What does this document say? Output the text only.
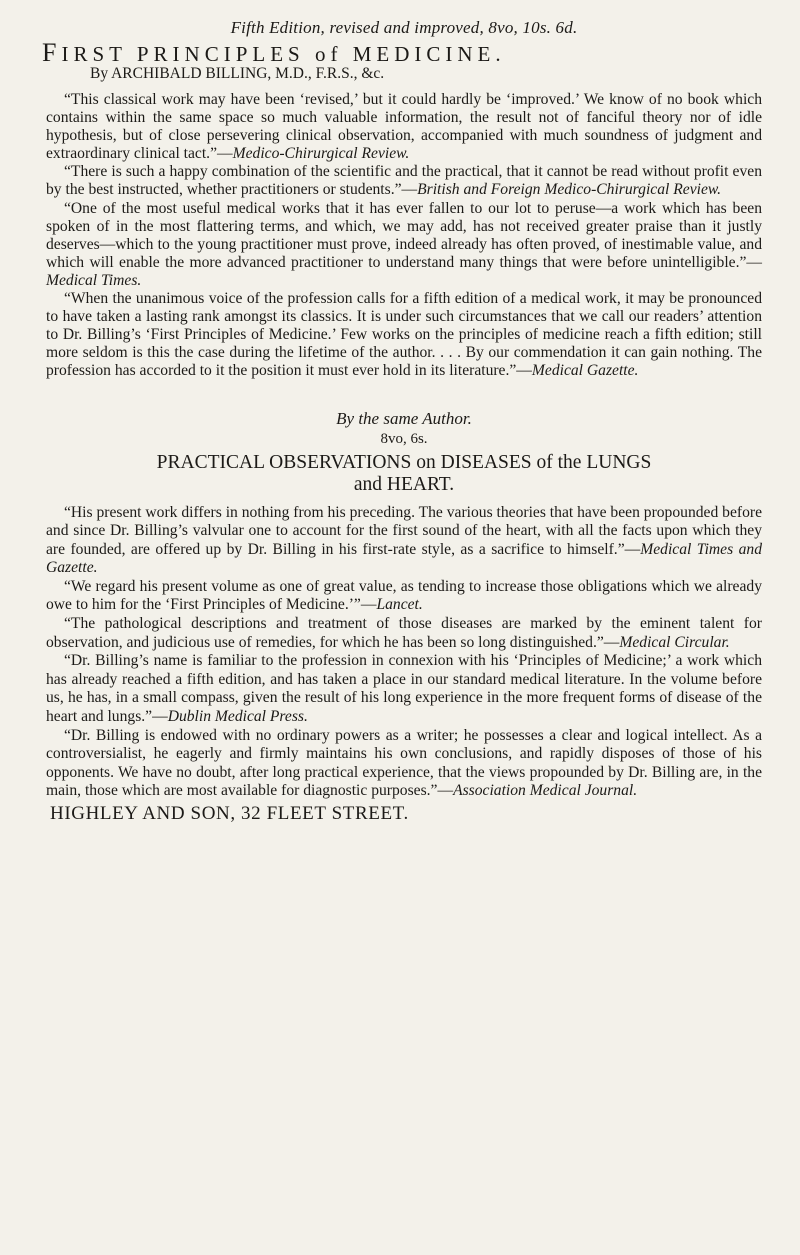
Fifth Edition, revised and improved, 8vo, 10s. 6d.
FIRST PRINCIPLES of MEDICINE.
By ARCHIBALD BILLING, M.D., F.R.S., &c.

“This classical work may have been ‘revised,’ but it could hardly be ‘improved.’ We know of no book which contains within the same space so much valuable information, the result not of fanciful theory nor of idle hypothesis, but of close persevering clinical observation, accompanied with much soundness of judgment and extraordinary clinical tact.”—Medico-Chirurgical Review.

“There is such a happy combination of the scientific and the practical, that it cannot be read without profit even by the best instructed, whether practitioners or students.”—British and Foreign Medico-Chirurgical Review.

“One of the most useful medical works that it has ever fallen to our lot to peruse—a work which has been spoken of in the most flattering terms, and which, we may add, has not received greater praise than it justly deserves—which to the young practitioner must prove, indeed already has often proved, of inestimable value, and which will enable the more advanced practitioner to understand many things that were before unintelligible.”—Medical Times.

“When the unanimous voice of the profession calls for a fifth edition of a medical work, it may be pronounced to have taken a lasting rank amongst its classics. It is under such circumstances that we call our readers’ attention to Dr. Billing’s ‘First Principles of Medicine.’ Few works on the principles of medicine reach a fifth edition; still more seldom is this the case during the lifetime of the author. . . . By our commendation it can gain nothing. The profession has accorded to it the position it must ever hold in its literature.”—Medical Gazette.

By the same Author.
8vo, 6s.
PRACTICAL OBSERVATIONS on DISEASES of the LUNGS
and HEART.

“His present work differs in nothing from his preceding. The various theories that have been propounded before and since Dr. Billing’s valvular one to account for the first sound of the heart, with all the facts upon which they are founded, are offered up by Dr. Billing in his first-rate style, as a sacrifice to himself.”—Medical Times and Gazette.

“We regard his present volume as one of great value, as tending to increase those obligations which we already owe to him for the ‘First Principles of Medicine.’”—Lancet.

“The pathological descriptions and treatment of those diseases are marked by the eminent talent for observation, and judicious use of remedies, for which he has been so long distinguished.”—Medical Circular.

“Dr. Billing’s name is familiar to the profession in connexion with his ‘Principles of Medicine;’ a work which has already reached a fifth edition, and has taken a place in our standard medical literature. In the volume before us, he has, in a small compass, given the result of his long experience in the more frequent forms of disease of the heart and lungs.”—Dublin Medical Press.

“Dr. Billing is endowed with no ordinary powers as a writer; he possesses a clear and logical intellect. As a controversialist, he eagerly and firmly maintains his own conclusions, and rapidly disposes of those of his opponents. We have no doubt, after long practical experience, that the views propounded by Dr. Billing are, in the main, those which are most available for diagnostic purposes.”—Association Medical Journal.

HIGHLEY AND SON, 32 FLEET STREET.
